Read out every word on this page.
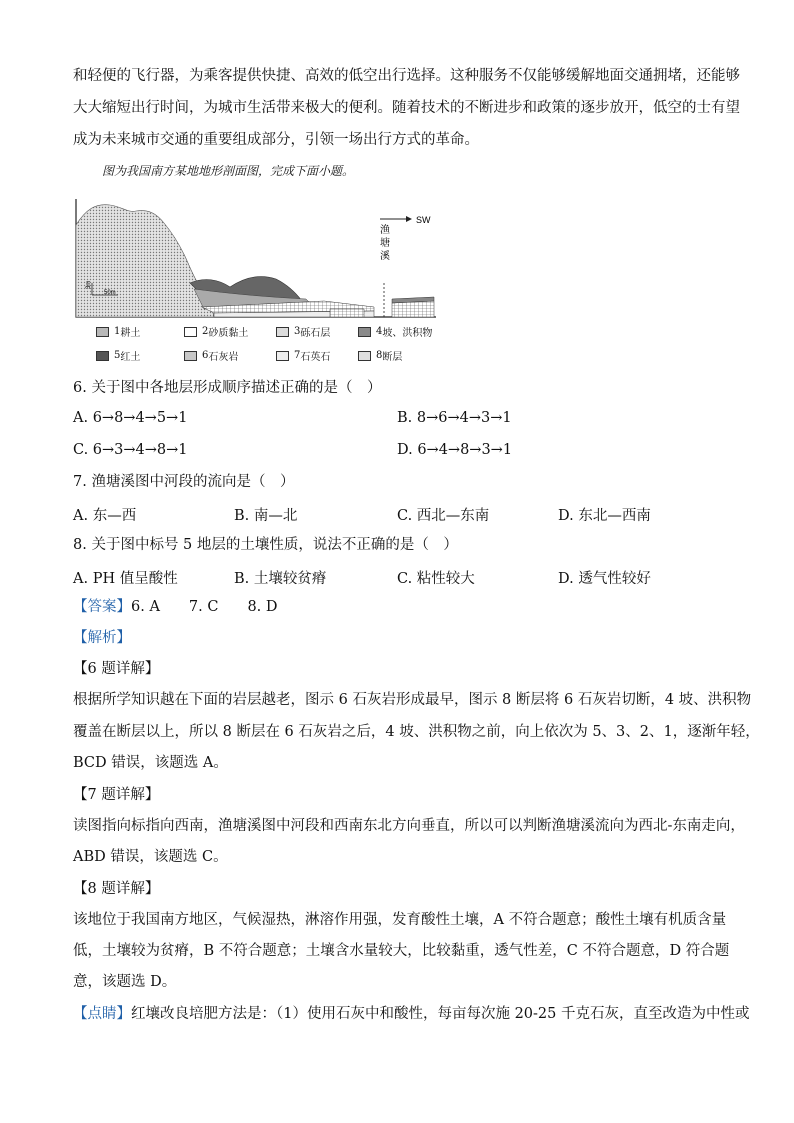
和轻便的飞行器，为乘客提供快捷、高效的低空出行选择。这种服务不仅能够缓解地面交通拥堵，还能够
大大缩短出行时间，为城市生活带来极大的便利。随着技术的不断进步和政策的逐步放开，低空的士有望
成为未来城市交通的重要组成部分，引领一场出行方式的革命。
图为我国南方某地地形剖面图，完成下面小题。
SW
渔
塘
溪
3m
50m
1 耕土	2 砂质黏土	3 砾石层	4 坡、洪积物
5 红土	6 石灰岩	7 石英石	8 断层
6. 关于图中各地层形成顺序描述正确的是（　）
A. 6→8→4→5→1	B. 8→6→4→3→1
C. 6→3→4→8→1	D. 6→4→8→3→1
7. 渔塘溪图中河段的流向是（　）
A. 东—西	B. 南—北	C. 西北—东南	D. 东北—西南
8. 关于图中标号 5 地层的土壤性质，说法不正确的是（　）
A. PH 值呈酸性	B. 土壤较贫瘠	C. 粘性较大	D. 透气性较好
【答案】6. A　　7. C　　8. D
【解析】
【6 题详解】
根据所学知识越在下面的岩层越老，图示 6 石灰岩形成最早，图示 8 断层将 6 石灰岩切断，4 坡、洪积物
覆盖在断层以上，所以 8 断层在 6 石灰岩之后，4 坡、洪积物之前，向上依次为 5、3、2、1，逐渐年轻，
BCD 错误，该题选 A。
【7 题详解】
读图指向标指向西南，渔塘溪图中河段和西南东北方向垂直，所以可以判断渔塘溪流向为西北-东南走向，
ABD 错误，该题选 C。
【8 题详解】
该地位于我国南方地区，气候湿热，淋溶作用强，发育酸性土壤，A 不符合题意；酸性土壤有机质含量
低，土壤较为贫瘠，B 不符合题意；土壤含水量较大，比较黏重，透气性差，C 不符合题意，D 符合题
意，该题选 D。
【点睛】红壤改良培肥方法是：（1）使用石灰中和酸性，每亩每次施 20-25 千克石灰，直至改造为中性或
